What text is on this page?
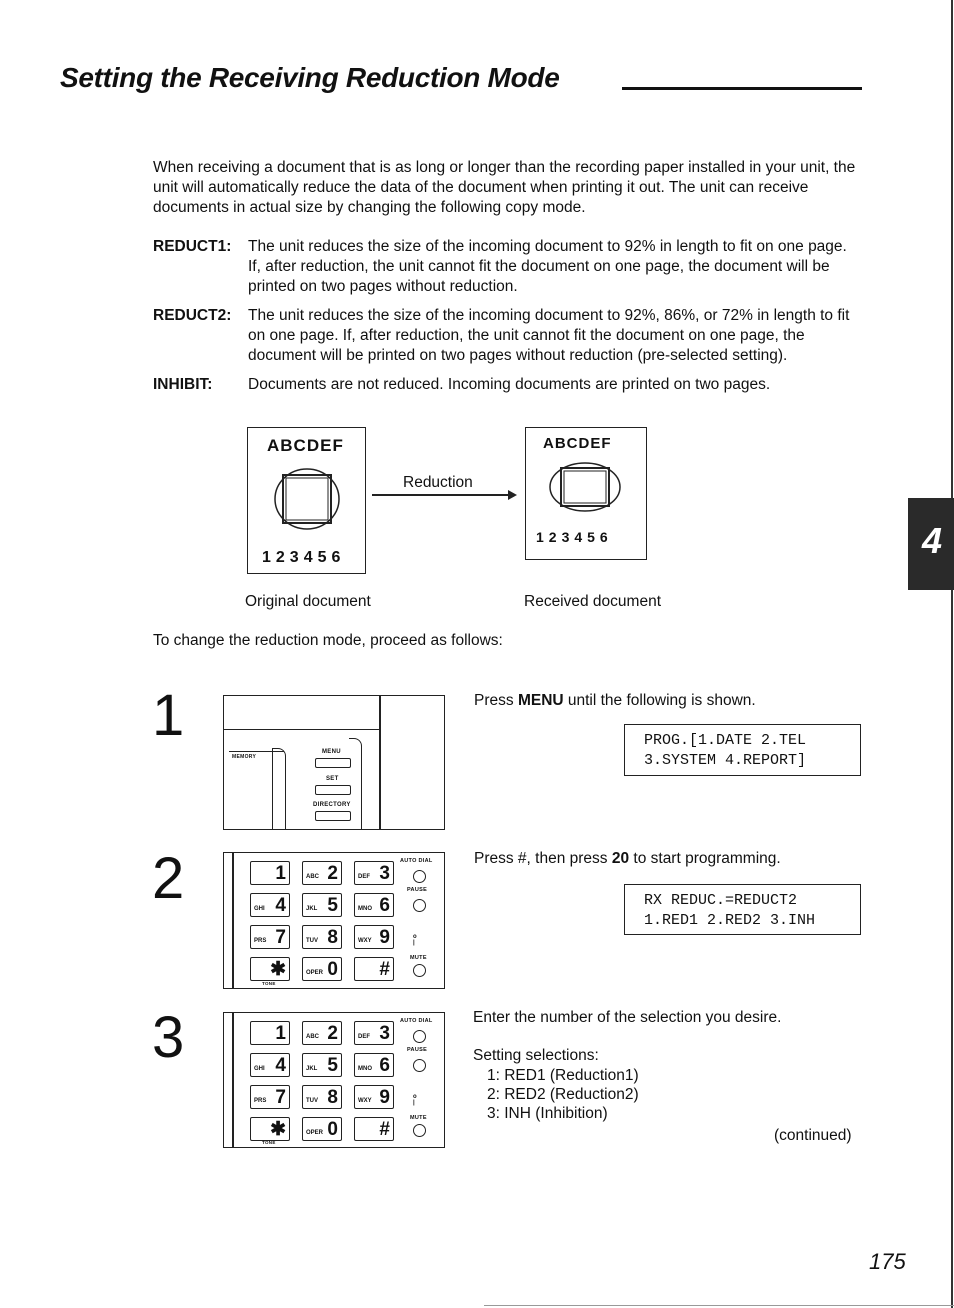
Setting the Receiving Reduction Mode
When receiving a document that is as long or longer than the recording paper installed in your unit, the unit will automatically reduce the data of the document when printing it out. The unit can receive documents in actual size by changing the following copy mode.
REDUCT1: The unit reduces the size of the incoming document to 92% in length to fit on one page. If, after reduction, the unit cannot fit the document on one page, the document will be printed on two pages without reduction.
REDUCT2: The unit reduces the size of the incoming document to 92%, 86%, or 72% in length to fit on one page. If, after reduction, the unit cannot fit the document on one page, the document will be printed on two pages without reduction (pre-selected setting).
INHIBIT: Documents are not reduced. Incoming documents are printed on two pages.
ABCDEF
123456
Reduction
ABCDEF
123456
Original document	Received document
To change the reduction mode, proceed as follows:
1
2
3
MEMORY
MENU
SET
DIRECTORY
Press MENU until the following is shown.
PROG.[1.DATE 2.TEL
3.SYSTEM 4.REPORT]
1	ABC 2	DEF 3
GHI 4	JKL 5	MNO 6
PRS 7	TUV 8	WXY 9
✱	OPER 0 #
AUTO DIAL
PAUSE
o
|
MUTE
TONE
Press #, then press 20 to start programming.
RX REDUC.=REDUCT2
1.RED1 2.RED2 3.INH
1	ABC 2	DEF 3
GHI 4	JKL 5	MNO 6
PRS 7	TUV 8	WXY 9
✱	OPER 0 #
AUTO DIAL
PAUSE
o
|
MUTE
TONE
Enter the number of the selection you desire.
Setting selections:
1: RED1 (Reduction1)
2: RED2 (Reduction2)
3: INH (Inhibition)
(continued)
4
175
